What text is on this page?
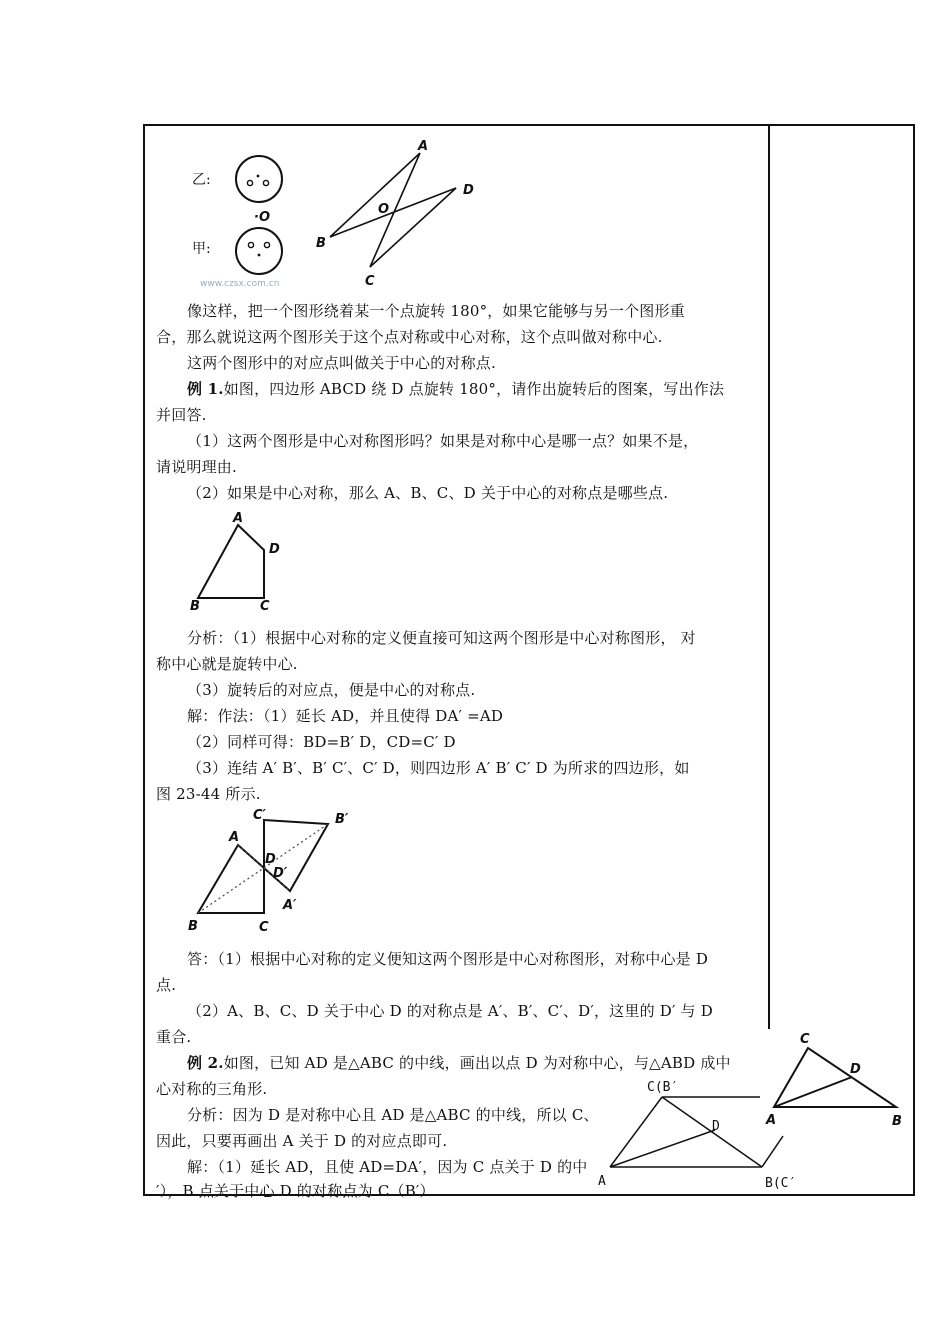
乙:
·O
甲:
www.czsx.com.cn
A
D
O
B
C
像这样，把一个图形绕着某一个点旋转 180°，如果它能够与另一个图形重
合，那么就说这两个图形关于这个点对称或中心对称，这个点叫做对称中心.
这两个图形中的对应点叫做关于中心的对称点.
例 1.如图，四边形 ABCD 绕 D 点旋转 180°，请作出旋转后的图案，写出作法
并回答.
（1）这两个图形是中心对称图形吗？如果是对称中心是哪一点？如果不是，
请说明理由.
（2）如果是中心对称，那么 A、B、C、D 关于中心的对称点是哪些点.
A
D
B	C
分析：（1）根据中心对称的定义便直接可知这两个图形是中心对称图形， 对
称中心就是旋转中心.
（3）旋转后的对应点，便是中心的对称点.
解：作法：（1）延长 AD，并且使得 DA′ =AD
（2）同样可得：BD=B′ D，CD=C′ D
（3）连结 A′ B′、B′ C′、C′ D，则四边形 A′ B′ C′ D 为所求的四边形，如
图 23-44 所示.
C′	B′
A
D
D′
A′
B	C
答：（1）根据中心对称的定义便知这两个图形是中心对称图形，对称中心是 D
点.
（2）A、B、C、D 关于中心 D 的对称点是 A′、B′、C′、D′，这里的 D′ 与 D
重合.
例 2.如图，已知 AD 是△ABC 的中线，画出以点 D 为对称中心，与△ABD 成中
心对称的三角形.
分析：因为 D 是对称中心且 AD 是△ABC 的中线，所以 C、
因此，只要再画出 A 关于 D 的对应点即可.
解：（1）延长 AD，且使 AD=DA′，因为 C 点关于 D 的中
′），B 点关于中心 D 的对称点为 C（B′）
C
D
A	B
C(B′
D
A	B(C′
